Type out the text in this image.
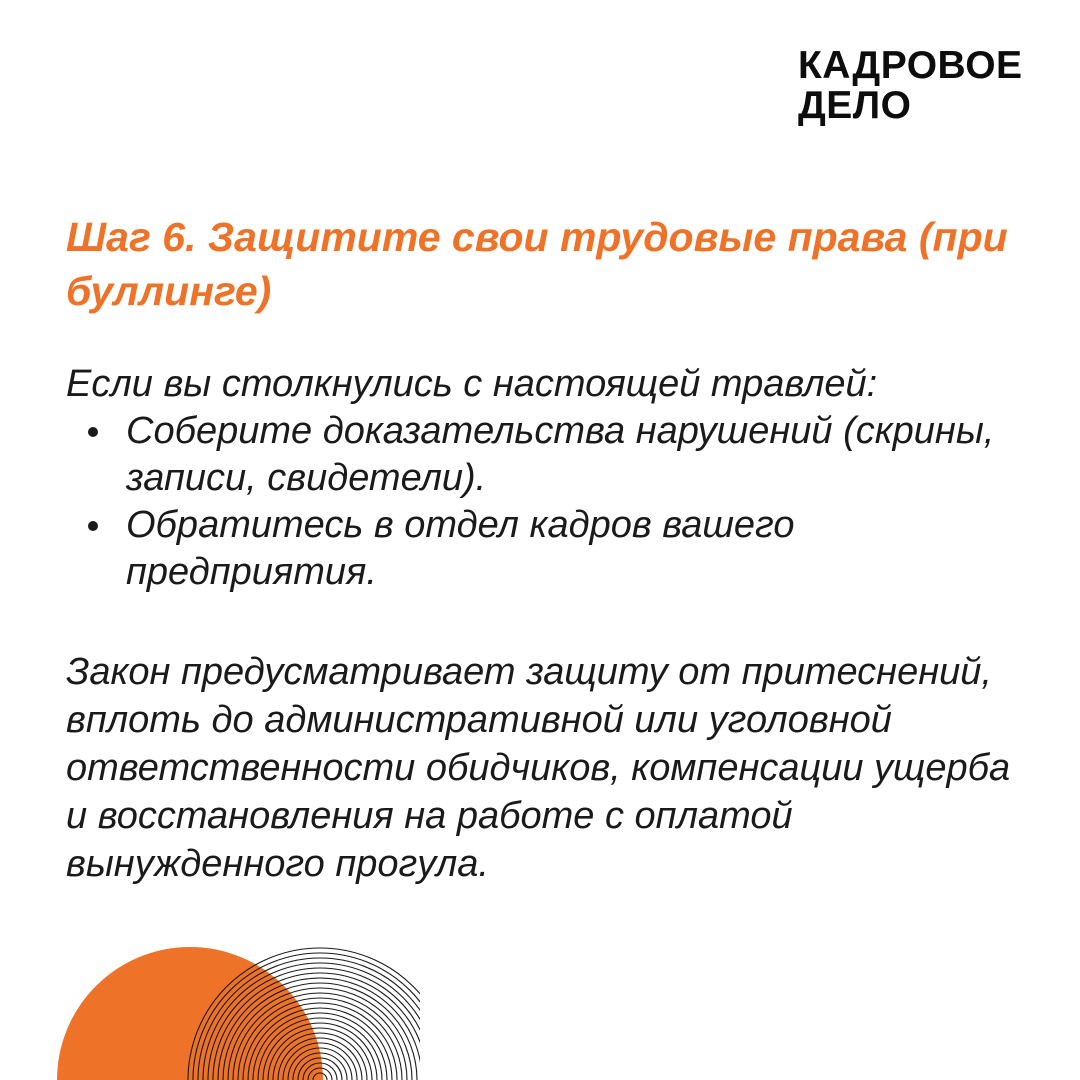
КАДРОВОЕ
ДЕЛО
Шаг 6. Защитите свои трудовые права (при буллинге)

Если вы столкнулись с настоящей травлей:

Соберите доказательства нарушений (скрины, записи, свидетели).
Обратитесь в отдел кадров вашего предприятия.

Закон предусматривает защиту от притеснений, вплоть до административной или уголовной ответственности обидчиков, компенсации ущерба и восстановления на работе с оплатой вынужденного прогула.
